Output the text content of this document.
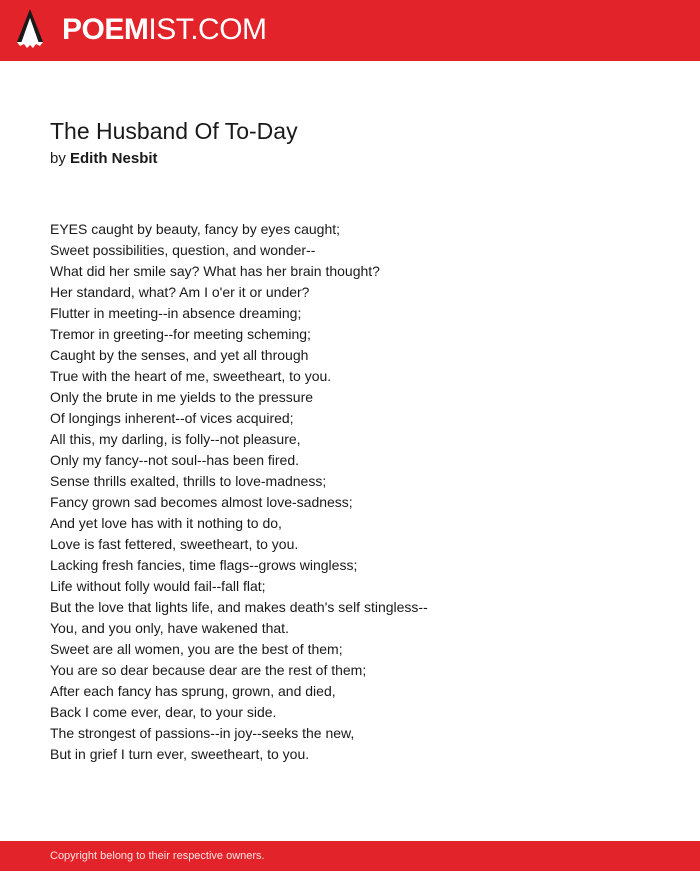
POEMIST.COM
The Husband Of To-Day
by Edith Nesbit
EYES caught by beauty, fancy by eyes caught;
Sweet possibilities, question, and wonder--
What did her smile say? What has her brain thought?
Her standard, what? Am I o'er it or under?
Flutter in meeting--in absence dreaming;
Tremor in greeting--for meeting scheming;
Caught by the senses, and yet all through
True with the heart of me, sweetheart, to you.
Only the brute in me yields to the pressure
Of longings inherent--of vices acquired;
All this, my darling, is folly--not pleasure,
Only my fancy--not soul--has been fired.
Sense thrills exalted, thrills to love-madness;
Fancy grown sad becomes almost love-sadness;
And yet love has with it nothing to do,
Love is fast fettered, sweetheart, to you.
Lacking fresh fancies, time flags--grows wingless;
Life without folly would fail--fall flat;
But the love that lights life, and makes death's self stingless--
You, and you only, have wakened that.
Sweet are all women, you are the best of them;
You are so dear because dear are the rest of them;
After each fancy has sprung, grown, and died,
Back I come ever, dear, to your side.
The strongest of passions--in joy--seeks the new,
But in grief I turn ever, sweetheart, to you.
Copyright belong to their respective owners.
